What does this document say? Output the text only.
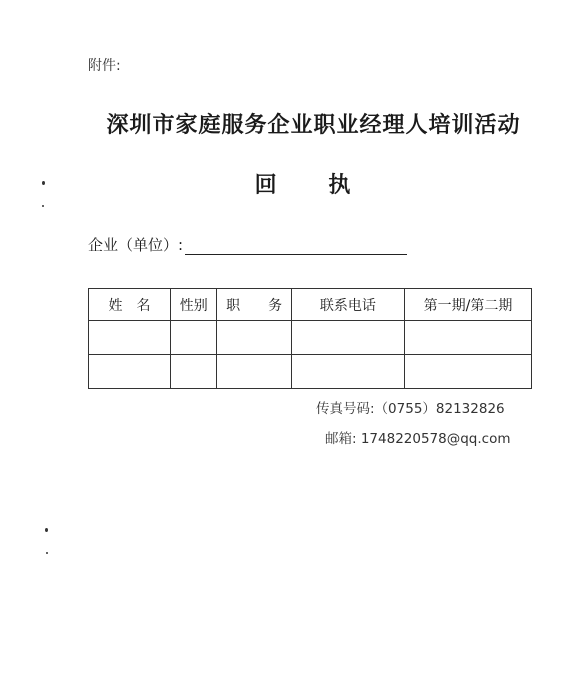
附件:
深圳市家庭服务企业职业经理人培训活动
回 执
企业（单位）:
姓　名	性别	职　　务	联系电话	第一期/第二期

传真号码:（0755）82132826
邮箱: 1748220578@qq.com
